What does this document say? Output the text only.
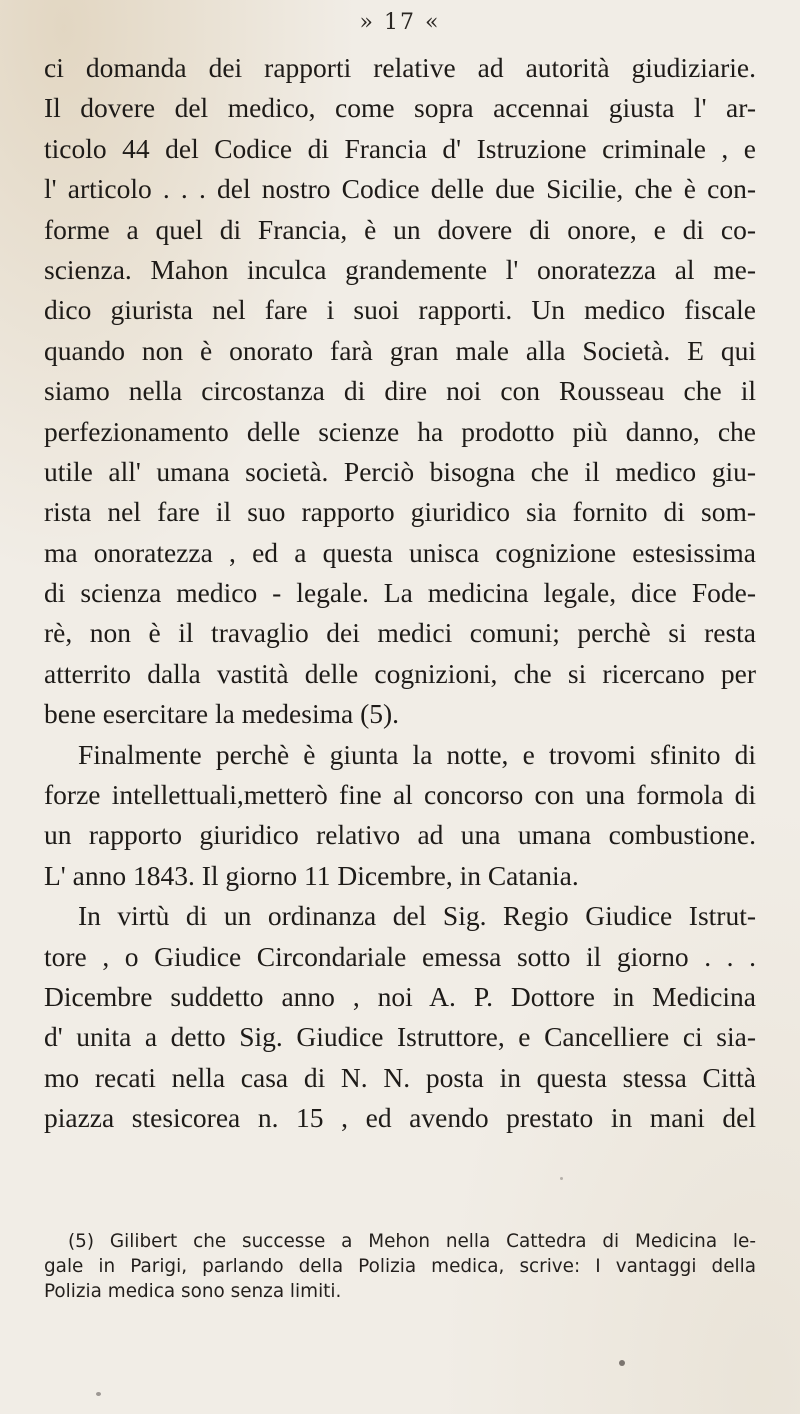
» 17 «
ci domanda dei rapporti relative ad autorità giudiziarie.
Il dovere del medico, come sopra accennai giusta l' ar-
ticolo 44 del Codice di Francia d' Istruzione criminale , e
l' articolo . . . del nostro Codice delle due Sicilie, che è con-
forme a quel di Francia, è un dovere di onore, e di co-
scienza. Mahon inculca grandemente l' onoratezza al me-
dico giurista nel fare i suoi rapporti. Un medico fiscale
quando non è onorato farà gran male alla Società. E qui
siamo nella circostanza di dire noi con Rousseau che il
perfezionamento delle scienze ha prodotto più danno, che
utile all' umana società. Perciò bisogna che il medico giu-
rista nel fare il suo rapporto giuridico sia fornito di som-
ma onoratezza , ed a questa unisca cognizione estesissima
di scienza medico - legale. La medicina legale, dice Fode-
rè, non è il travaglio dei medici comuni; perchè si resta
atterrito dalla vastità delle cognizioni, che si ricercano per
bene esercitare la medesima (5).
Finalmente perchè è giunta la notte, e trovomi sfinito di
forze intellettuali,metterò fine al concorso con una formola di
un rapporto giuridico relativo ad una umana combustione.
L' anno 1843. Il giorno 11 Dicembre, in Catania.
In virtù di un ordinanza del Sig. Regio Giudice Istrut-
tore , o Giudice Circondariale emessa sotto il giorno . . .
Dicembre suddetto anno , noi A. P. Dottore in Medicina
d' unita a detto Sig. Giudice Istruttore, e Cancelliere ci sia-
mo recati nella casa di N. N. posta in questa stessa Città
piazza stesicorea n. 15 , ed avendo prestato in mani del
(5) Gilibert che successe a Mehon nella Cattedra di Medicina le-
gale in Parigi, parlando della Polizia medica, scrive: I vantaggi della
Polizia medica sono senza limiti.
